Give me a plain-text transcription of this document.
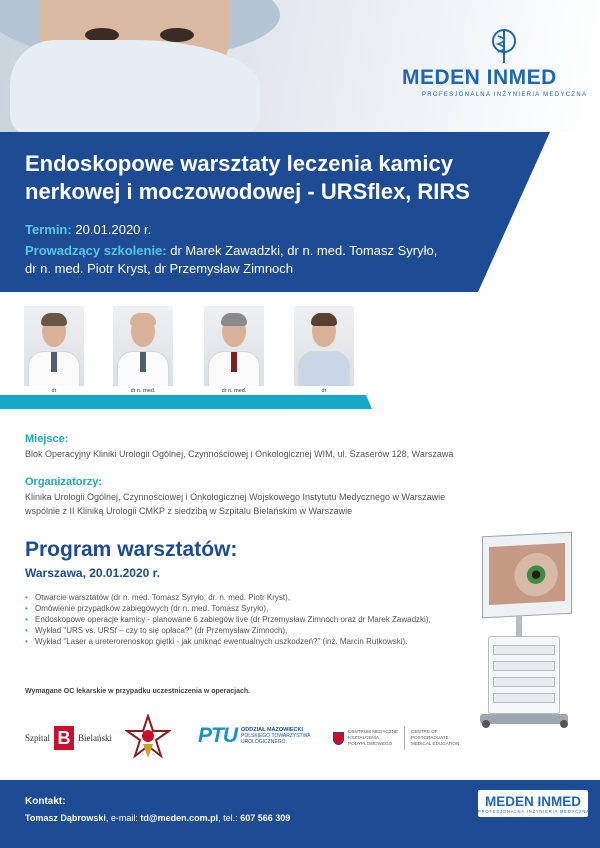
MEDEN INMED
PROFESJONALNA INŻYNIERIA MEDYCZNA
Endoskopowe warsztaty leczenia kamicy nerkowej i moczowodowej - URSflex, RIRS
Termin: 20.01.2020 r.
Prowadzący szkolenie: dr Marek Zawadzki, dr n. med. Tomasz Syryło, dr n. med. Piotr Kryst, dr Przemysław Zimnoch
dr	dr n. med.	dr n. med.	dr
Miejsce:
Blok Operacyjny Kliniki Urologii Ogólnej, Czynnościowej i Onkologicznej WIM, ul. Szaserów 128, Warszawa
Organizatorzy:
Klinika Urologii Ogólnej, Czynnościowej i Onkologicznej Wojskowego Instytutu Medycznego w Warszawie
wspólnie z II Kliniką Urologii CMKP z siedzibą w Szpitalu Bielańskim w Warszawie
Program warsztatów:
Warszawa, 20.01.2020 r.
• Otwarcie warsztatów (dr n. med. Tomasz Syryło, dr. n. med. Piotr Kryst),
• Omówienie przypadków zabiegowych (dr n. med. Tomasz Syryło),
• Endoskopowe operacje kamicy - planowane 6 zabiegów live (dr Przemysław Zimnoch oraz dr Marek Zawadzki),
• Wykład "URS vs. URSf – czy to się opłaca?" (dr Przemysław Zimnoch),
• Wykład "Laser a ureterorenoskop giętki - jak uniknąć ewentualnych uszkodzeń?" (inż. Marcin Rutkowski).
Wymagane OC lekarskie w przypadku uczestniczenia w operacjach.
Szpital B Bielański	PTU ODDZIAŁ MAZOWIECKI
POLSKIEGO TOWARZYSTWA
UROLOGICZNEGO
CENTRUM MEDYCZNE
KSZTAŁCENIA
PODYPLOMOWEGO
CENTRE OF
POSTGRADUATE
MEDICAL EDUCATION
Kontakt:
Tomasz Dąbrowski, e-mail: td@meden.com.pl, tel.: 607 566 309
MEDEN INMED
PROFESJONALNA INŻYNIERIA MEDYCZNA
